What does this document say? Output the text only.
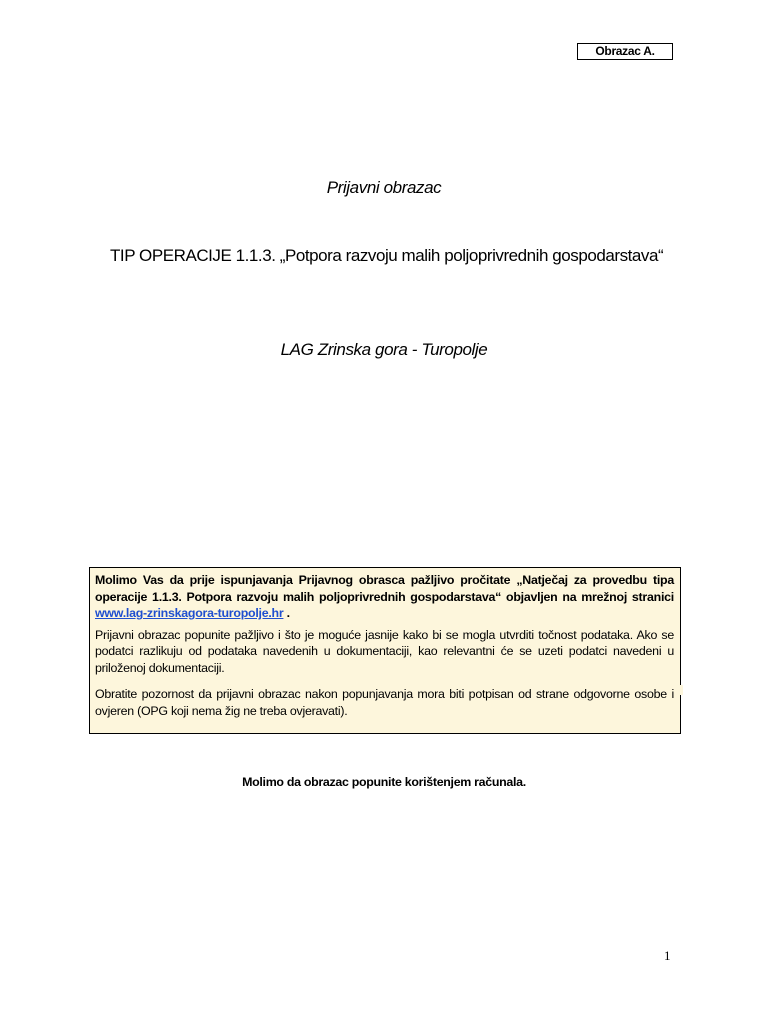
Obrazac A.
Prijavni obrazac
TIP OPERACIJE 1.1.3. „Potpora razvoju malih poljoprivrednih gospodarstava“
LAG Zrinska gora - Turopolje

Molimo Vas da prije ispunjavanja Prijavnog obrasca pažljivo pročitate „Natječaj za provedbu tipa operacije 1.1.3. Potpora razvoju malih poljoprivrednih gospodarstava“ objavljen na mrežnoj stranici www.lag-zrinskagora-turopolje.hr .

Prijavni obrazac popunite pažljivo i što je moguće jasnije kako bi se mogla utvrditi točnost podataka. Ako se podatci razlikuju od podataka navedenih u dokumentaciji, kao relevantni će se uzeti podatci navedeni u priloženoj dokumentaciji.

Obratite pozornost da prijavni obrazac nakon popunjavanja mora biti potpisan od strane odgovorne osobe i ovjeren (OPG koji nema žig ne treba ovjeravati).

Molimo da obrazac popunite korištenjem računala.
1
